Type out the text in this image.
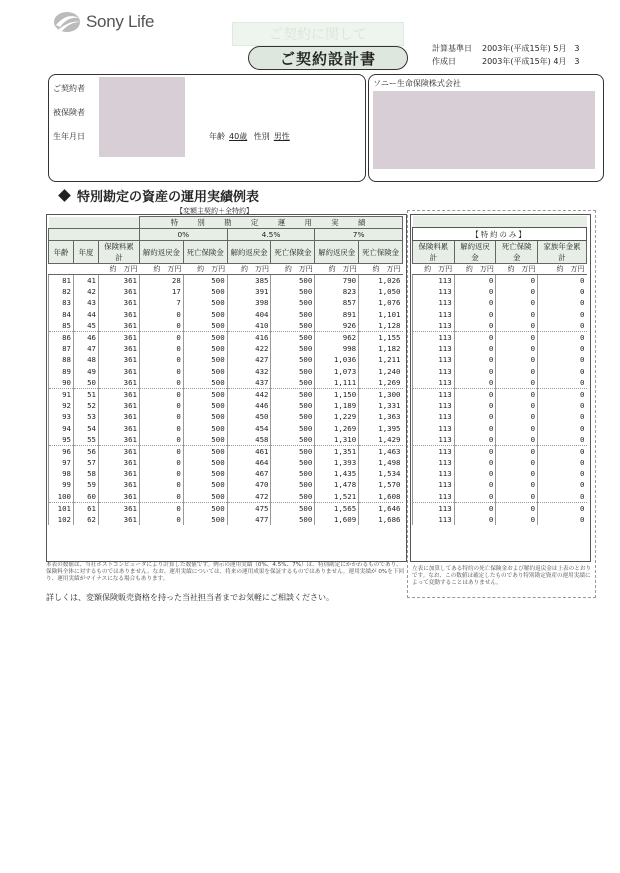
Sony Life
ご契約に関して
ご契約設計書
計算基準日	2003年(平成15年) 5月　3
作成日	2003年(平成15年) 4月　3
ご契約者
被保険者
生年月日	年齢 40歳 性別 男性
ソニー生命保険株式会社
特別勘定の資産の運用実績例表
【変額主契約＋全特約】
			特　別　勘　定　運　用　実　績					
			0%		4.5%		7%	
年齢	年度	保険料累計	解約返戻金	死亡保険金	解約返戻金	死亡保険金	解約返戻金	死亡保険金
		約　万円	約　万円	約　万円	約　万円	約　万円	約　万円	約　万円
81	41	361	28	500	385	500	790	1,026
82	42	361	17	500	391	500	823	1,050
83	43	361	7	500	398	500	857	1,076
84	44	361	0	500	404	500	891	1,101
85	45	361	0	500	410	500	926	1,128
86	46	361	0	500	416	500	962	1,155
87	47	361	0	500	422	500	998	1,182
88	48	361	0	500	427	500	1,036	1,211
89	49	361	0	500	432	500	1,073	1,240
90	50	361	0	500	437	500	1,111	1,269
91	51	361	0	500	442	500	1,150	1,300
92	52	361	0	500	446	500	1,189	1,331
93	53	361	0	500	450	500	1,229	1,363
94	54	361	0	500	454	500	1,269	1,395
95	55	361	0	500	458	500	1,310	1,429
96	56	361	0	500	461	500	1,351	1,463
97	57	361	0	500	464	500	1,393	1,498
98	58	361	0	500	467	500	1,435	1,534
99	59	361	0	500	470	500	1,478	1,570
100	60	361	0	500	472	500	1,521	1,608
101	61	361	0	500	475	500	1,565	1,646
102	62	361	0	500	477	500	1,609	1,686

【特約のみ】			
保険料累計	解約返戻金	死亡保険金	家族年金累計
約　万円	約　万円	約　万円	約　万円
113	0	0	0
113	0	0	0
113	0	0	0
113	0	0	0
113	0	0	0
113	0	0	0
113	0	0	0
113	0	0	0
113	0	0	0
113	0	0	0
113	0	0	0
113	0	0	0
113	0	0	0
113	0	0	0
113	0	0	0
113	0	0	0
113	0	0	0
113	0	0	0
113	0	0	0
113	0	0	0
113	0	0	0
113	0	0	0
本表の数値は、当社ホストコンピュータにより計算した数値です。例示の運用実績（0%、4.5%、7%）は、特別勘定にかかわるものであり、保険料全体に対するものではありません。なお、運用実績については、将来の運用成果を保証するものではありません。運用実績が 0%を下回り、運用実績がマイナスになる場合もあります。
左表に加算してある特約の死亡保険金および解約返戻金は上表のとおりです。なお、この数値は確定したものであり特別勘定資産の運用実績によって変動することはありません。
詳しくは、変額保険販売資格を持った当社担当者までお気軽にご相談ください。
